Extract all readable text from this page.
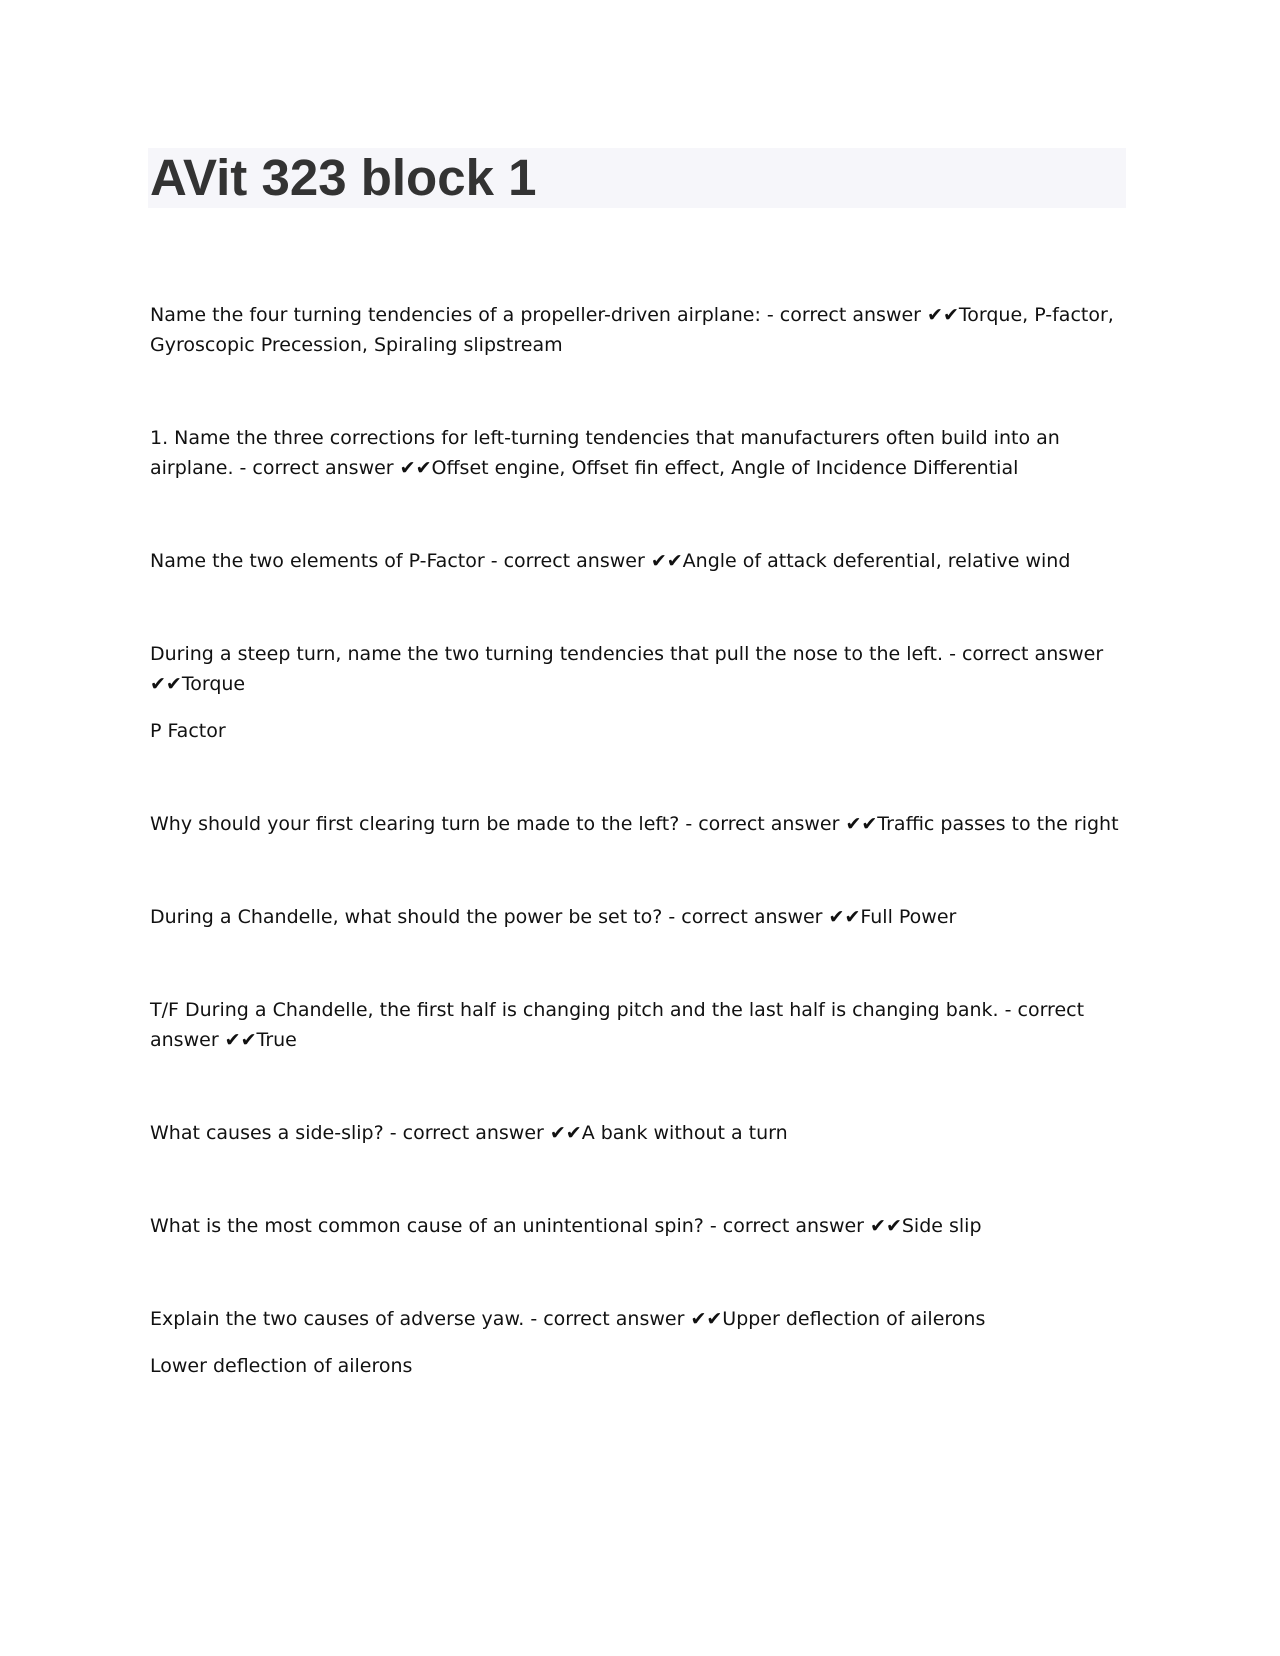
AVit 323 block 1

Name the four turning tendencies of a propeller-driven airplane: - correct answer ✔✔Torque, P-factor, Gyroscopic Precession, Spiraling slipstream

1. Name the three corrections for left-turning tendencies that manufacturers often build into an airplane. - correct answer ✔✔Offset engine, Offset fin effect, Angle of Incidence Differential

Name the two elements of P-Factor - correct answer ✔✔Angle of attack deferential, relative wind

During a steep turn, name the two turning tendencies that pull the nose to the left. - correct answer ✔✔Torque

P Factor

Why should your first clearing turn be made to the left? - correct answer ✔✔Traffic passes to the right

During a Chandelle, what should the power be set to? - correct answer ✔✔Full Power

T/F During a Chandelle, the first half is changing pitch and the last half is changing bank. - correct answer ✔✔True

What causes a side-slip? - correct answer ✔✔A bank without a turn

What is the most common cause of an unintentional spin? - correct answer ✔✔Side slip

Explain the two causes of adverse yaw. - correct answer ✔✔Upper deflection of ailerons

Lower deflection of ailerons
